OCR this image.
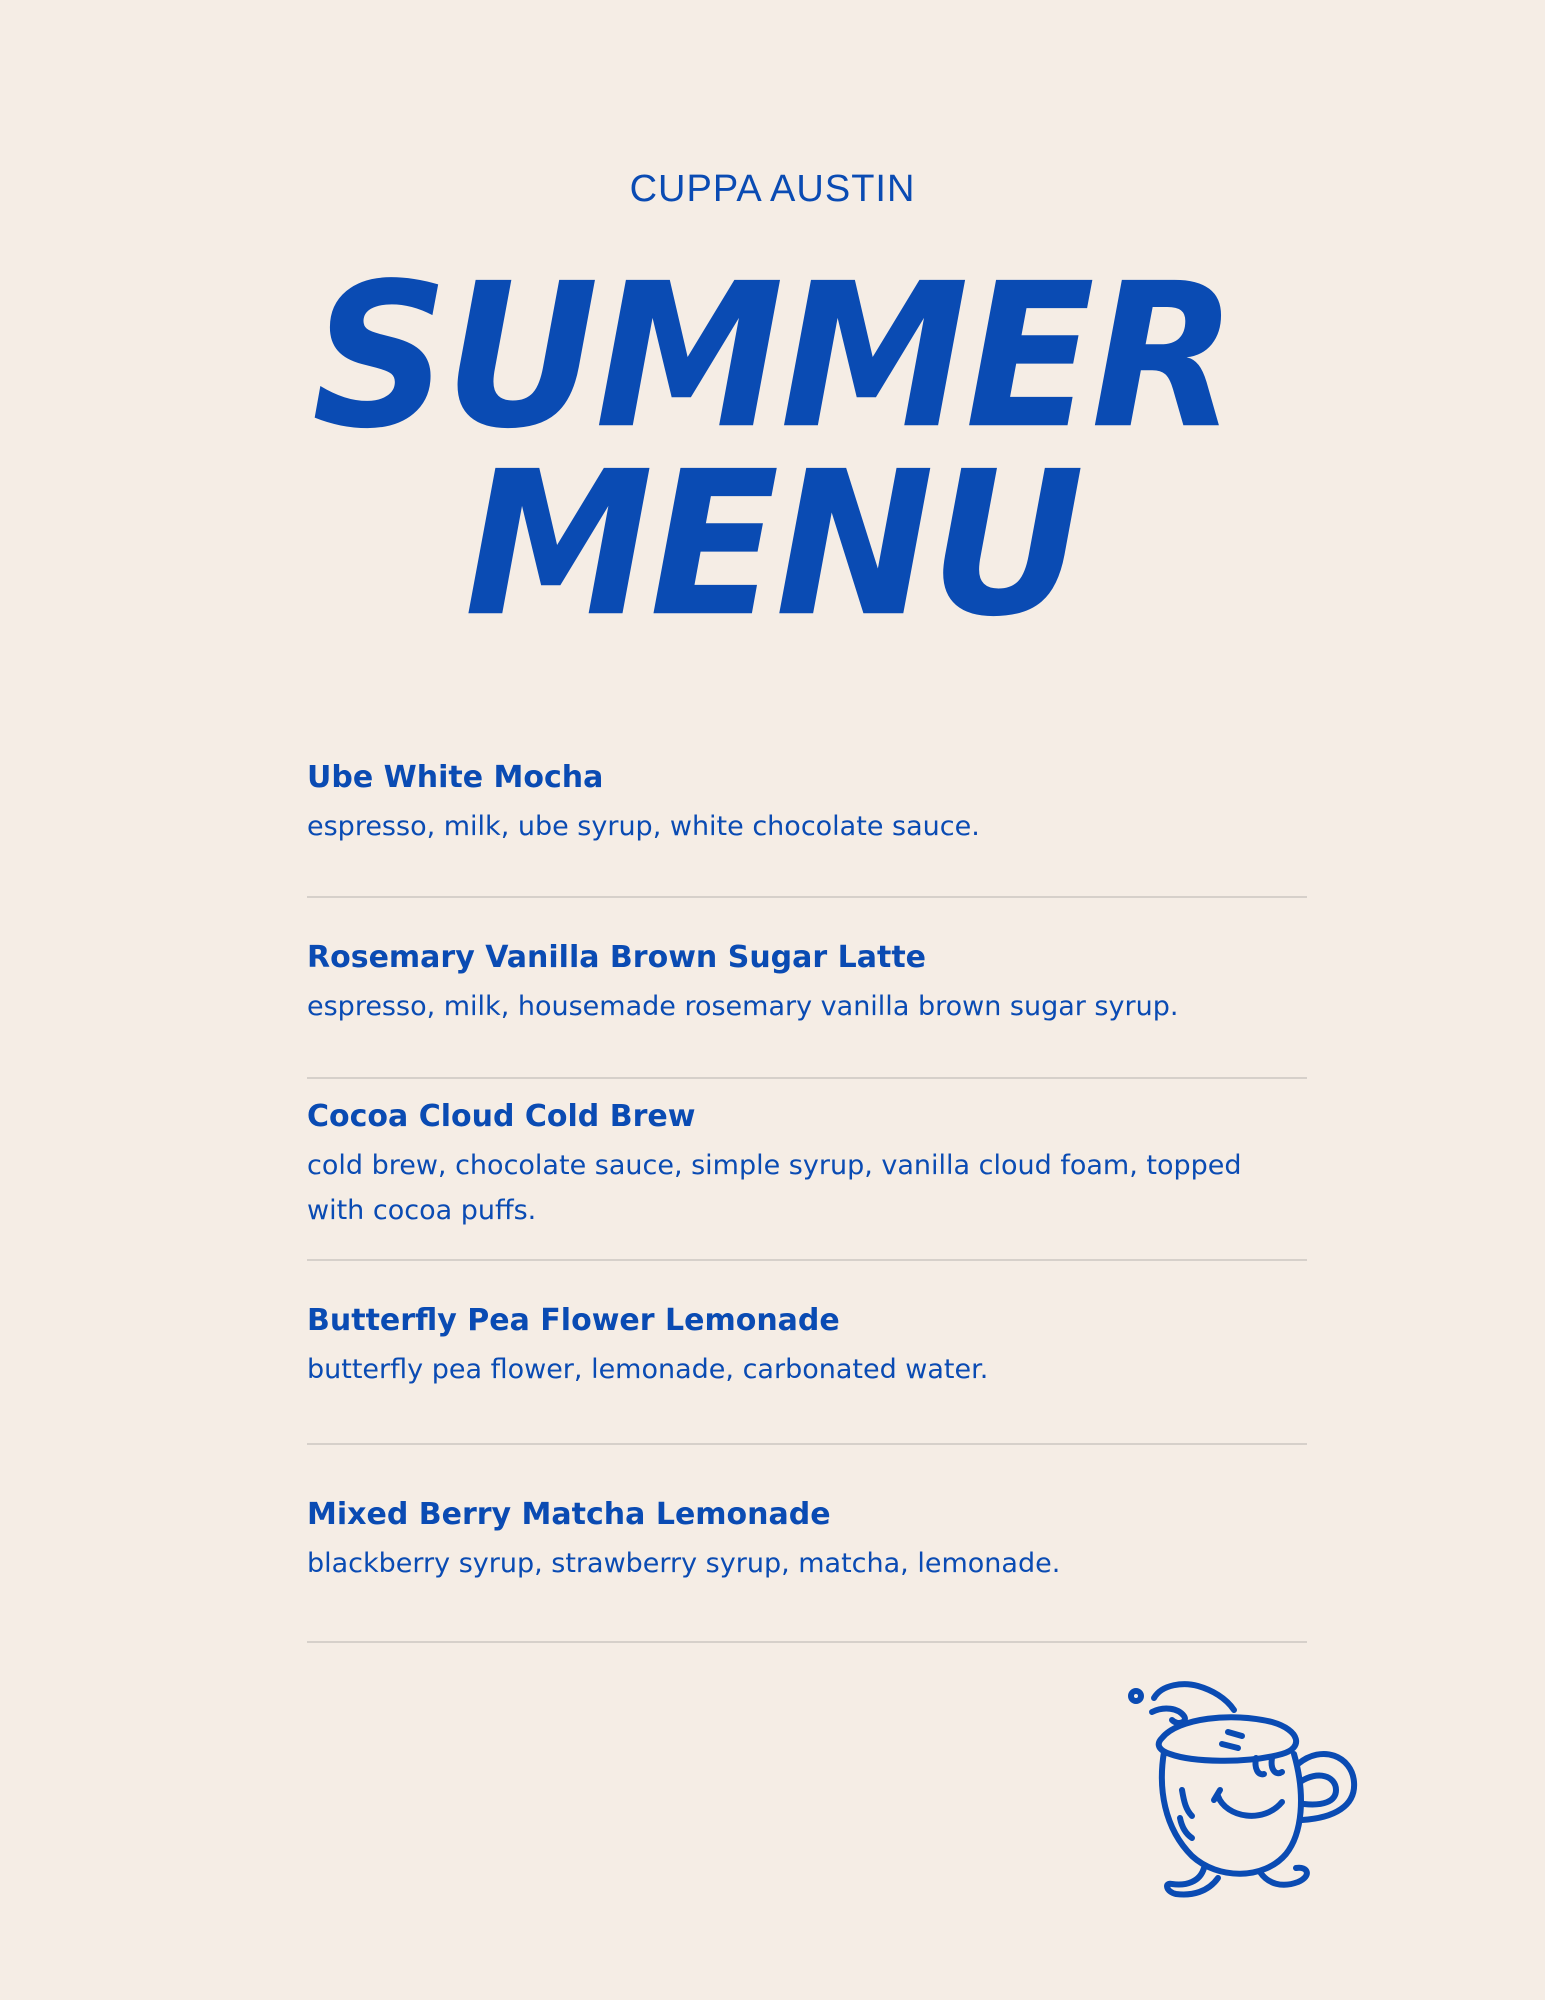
CUPPA AUSTIN
SUMMER
MENU
Ube White Mocha
espresso, milk, ube syrup, white chocolate sauce.
Rosemary Vanilla Brown Sugar Latte
espresso, milk, housemade rosemary vanilla brown sugar syrup.
Cocoa Cloud Cold Brew
cold brew, chocolate sauce, simple syrup, vanilla cloud foam, topped with cocoa puffs.
Butterfly Pea Flower Lemonade
butterfly pea flower, lemonade, carbonated water.
Mixed Berry Matcha Lemonade
blackberry syrup, strawberry syrup, matcha, lemonade.
